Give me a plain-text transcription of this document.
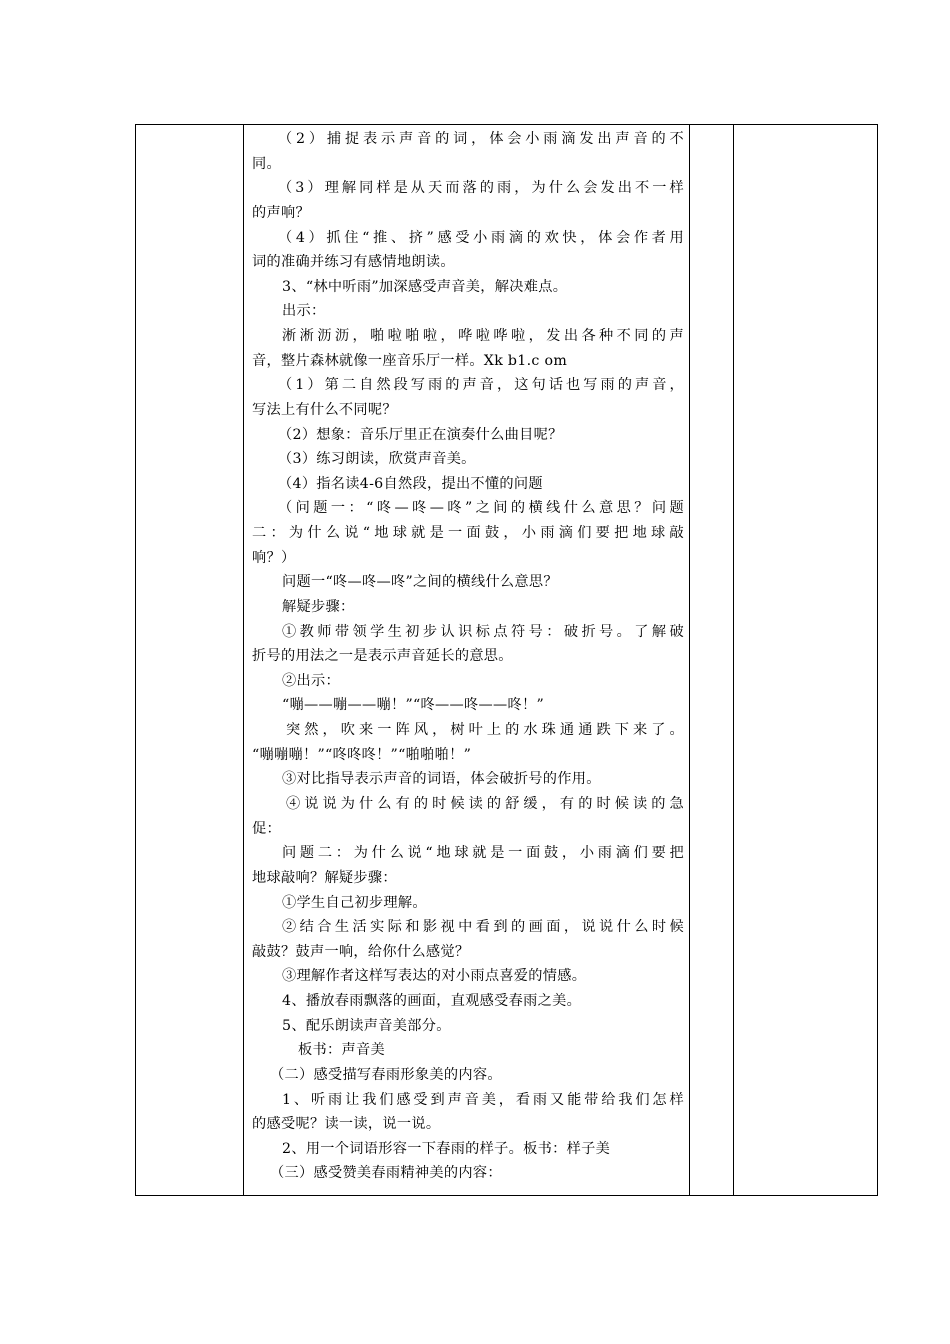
（2）捕捉表示声音的词，体会小雨滴发出声音的不
同。
（3）理解同样是从天而落的雨，为什么会发出不一样
的声响？
（4）抓住“推、挤”感受小雨滴的欢快，体会作者用
词的准确并练习有感情地朗读。
3、“林中听雨”加深感受声音美，解决难点。
出示：
淅淅沥沥，啪啦啪啦，哗啦哗啦，发出各种不同的声
音，整片森林就像一座音乐厅一样。Xk b1.c om
（1）第二自然段写雨的声音，这句话也写雨的声音，
写法上有什么不同呢？
（2）想象：音乐厅里正在演奏什么曲目呢？
（3）练习朗读，欣赏声音美。
（4）指名读4-6自然段，提出不懂的问题
（问题一：“咚—咚—咚”之间的横线什么意思？问题
二：为什么说“地球就是一面鼓，小雨滴们要把地球敲
响？）
问题一“咚—咚—咚”之间的横线什么意思？
解疑步骤：
①教师带领学生初步认识标点符号：破折号。了解破
折号的用法之一是表示声音延长的意思。
②出示：
“嘣——嘣——嘣！”“咚——咚——咚！”
突然，吹来一阵风，树叶上的水珠通通跌下来了。
“嘣嘣嘣！”“咚咚咚！”“啪啪啪！”
③对比指导表示声音的词语，体会破折号的作用。
④说说为什么有的时候读的舒缓，有的时候读的急
促：
问题二：为什么说“地球就是一面鼓，小雨滴们要把
地球敲响？解疑步骤：
①学生自己初步理解。
②结合生活实际和影视中看到的画面，说说什么时候
敲鼓？鼓声一响，给你什么感觉？
③理解作者这样写表达的对小雨点喜爱的情感。
4、播放春雨飘落的画面，直观感受春雨之美。
5、配乐朗读声音美部分。
板书：声音美
（二）感受描写春雨形象美的内容。
1、听雨让我们感受到声音美，看雨又能带给我们怎样
的感受呢？读一读，说一说。
2、用一个词语形容一下春雨的样子。板书：样子美
（三）感受赞美春雨精神美的内容：
